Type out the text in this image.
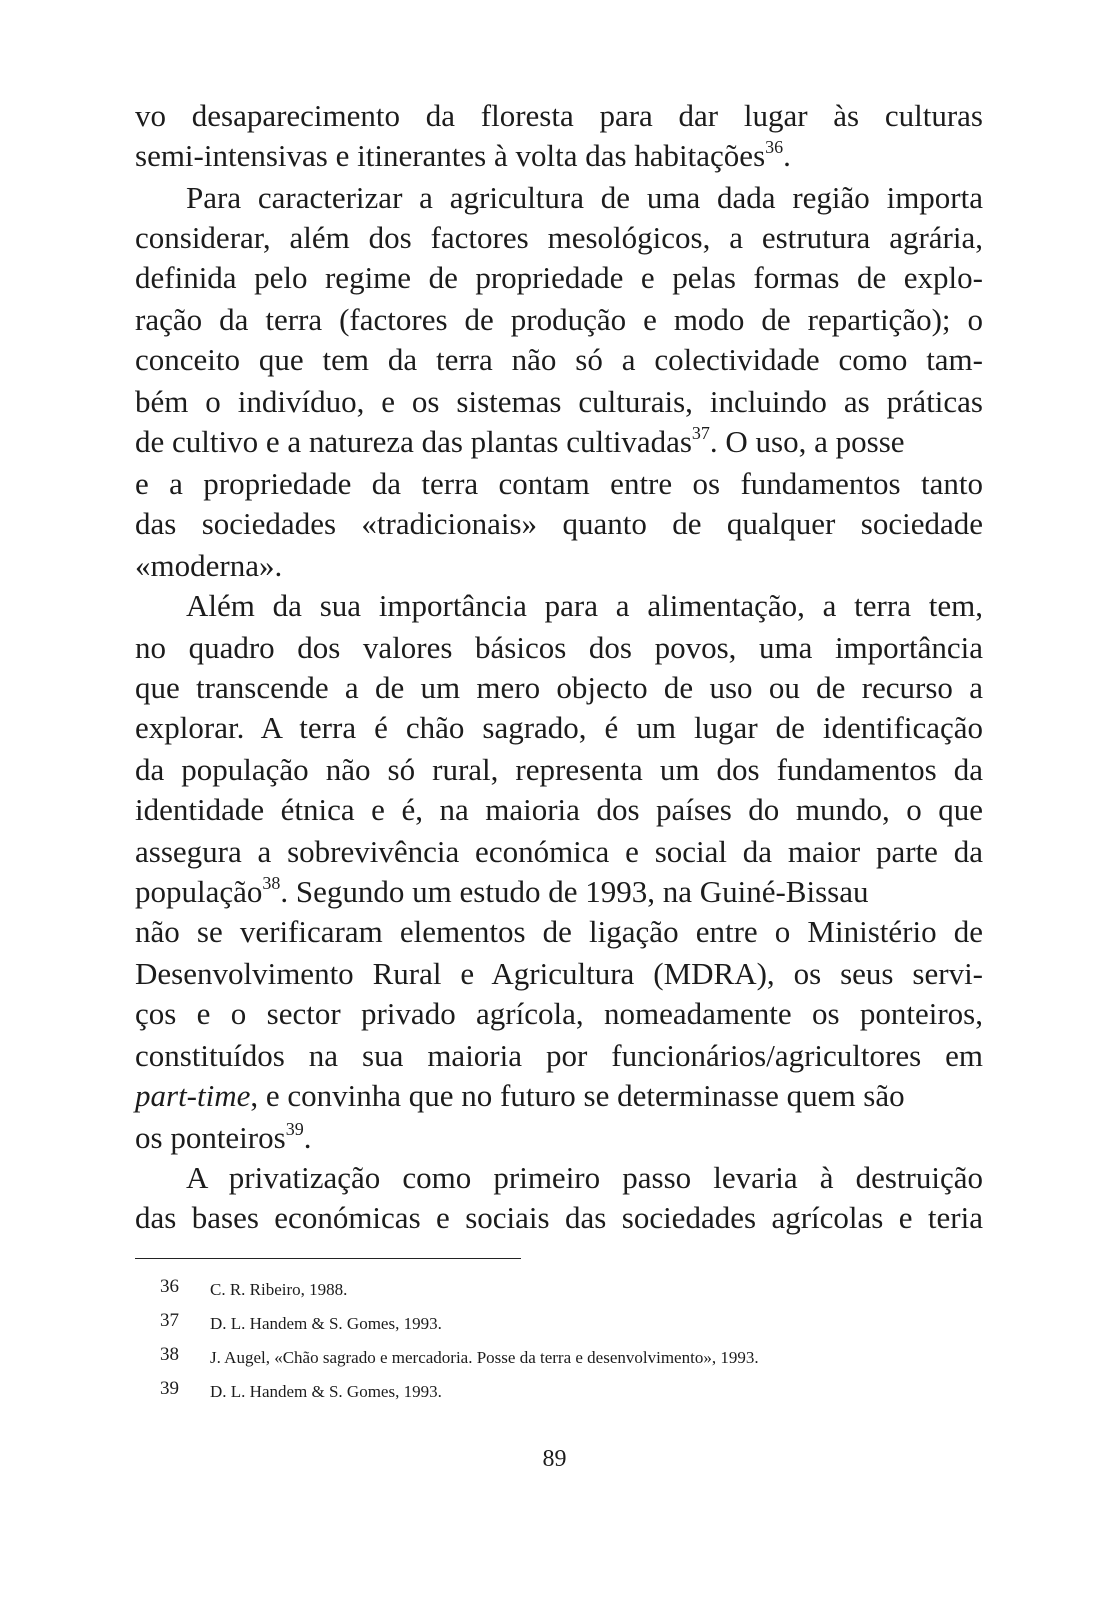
vo desaparecimento da floresta para dar lugar às culturas
semi-intensivas e itinerantes à volta das habitações$^{36}$.
Para caracterizar a agricultura de uma dada região importa
considerar, além dos factores mesológicos, a estrutura agrária,
definida pelo regime de propriedade e pelas formas de explo-
ração da terra (factores de produção e modo de repartição); o
conceito que tem da terra não só a colectividade como tam-
bém o indivíduo, e os sistemas culturais, incluindo as práticas
de cultivo e a natureza das plantas cultivadas$^{37}$. O uso, a posse
e a propriedade da terra contam entre os fundamentos tanto
das sociedades «tradicionais» quanto de qualquer sociedade
«moderna».
Além da sua importância para a alimentação, a terra tem,
no quadro dos valores básicos dos povos, uma importância
que transcende a de um mero objecto de uso ou de recurso a
explorar. A terra é chão sagrado, é um lugar de identificação
da população não só rural, representa um dos fundamentos da
identidade étnica e é, na maioria dos países do mundo, o que
assegura a sobrevivência económica e social da maior parte da
população$^{38}$. Segundo um estudo de 1993, na Guiné-Bissau
não se verificaram elementos de ligação entre o Ministério de
Desenvolvimento Rural e Agricultura (MDRA), os seus servi-
ços e o sector privado agrícola, nomeadamente os ponteiros,
constituídos na sua maioria por funcionários/agricultores em
part-time, e convinha que no futuro se determinasse quem são
os ponteiros$^{39}$.
A privatização como primeiro passo levaria à destruição
das bases económicas e sociais das sociedades agrícolas e teria
36 C. R. Ribeiro, 1988.
37 D. L. Handem & S. Gomes, 1993.
38 J. Augel, «Chão sagrado e mercadoria. Posse da terra e desenvolvimento», 1993.
39 D. L. Handem & S. Gomes, 1993.
89
